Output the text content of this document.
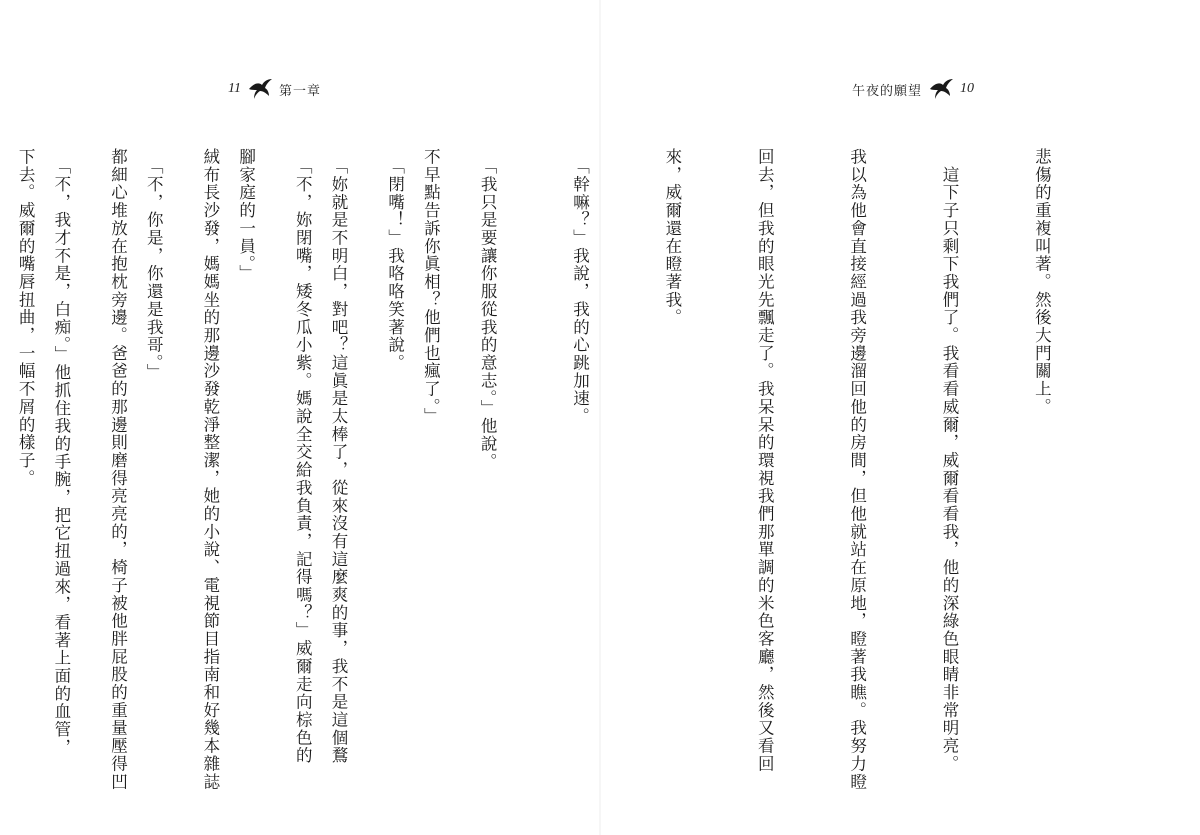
11	第一章

不早點告訴你眞相？他們也瘋了。」

　「妳就是不明白，對吧？這眞是太棒了，從來沒有這麼爽的事，我不是這個鶩

腳家庭的一員。」

　「不，你是，你還是我哥。」

　「不，我才不是，白痴。」他抓住我的手腕，把它扭過來，看著上面的血管，

午夜的願望	10

悲傷的重複叫著。然後大門關上。

　這下子只剩下我們了。我看看威爾，威爾看看我，他的深綠色眼睛非常明亮。

我以為他會直接經過我旁邊溜回他的房間，但他就站在原地，瞪著我瞧。我努力瞪

回去，但我的眼光先飄走了。我呆呆的環視我們那單調的米色客廳，然後又看回

來，威爾還在瞪著我。

　「幹嘛？」我說，我的心跳加速。

　「我只是要讓你服從我的意志。」他說。

　「閉嘴！」我咯咯笑著說。

　「不，妳閉嘴，矮冬瓜小紫。媽說全交給我負責，記得嗎？」威爾走向棕色的

絨布長沙發，媽媽坐的那邊沙發乾淨整潔，她的小說、電視節目指南和好幾本雜誌

都細心堆放在抱枕旁邊。爸爸的那邊則磨得亮亮的，椅子被他胖屁股的重量壓得凹

下去。威爾的嘴唇扭曲，一幅不屑的樣子。
